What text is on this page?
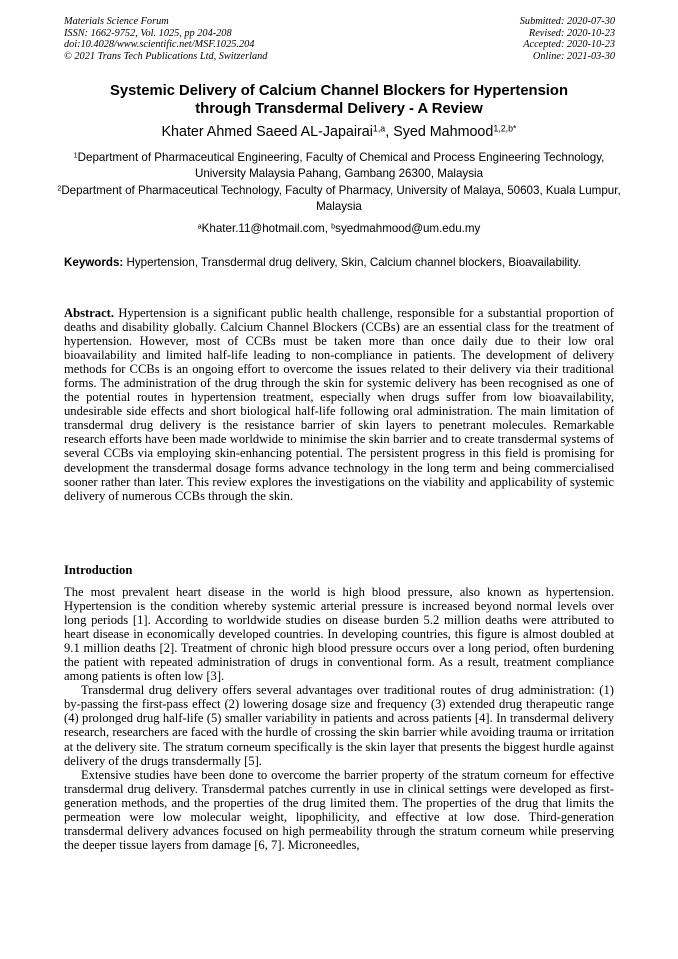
Materials Science Forum
ISSN: 1662-9752, Vol. 1025, pp 204-208
doi:10.4028/www.scientific.net/MSF.1025.204
© 2021 Trans Tech Publications Ltd, Switzerland
Submitted: 2020-07-30
Revised: 2020-10-23
Accepted: 2020-10-23
Online: 2021-03-30
Systemic Delivery of Calcium Channel Blockers for Hypertension
through Transdermal Delivery - A Review
Khater Ahmed Saeed AL-Japairai$^{1,a}$, Syed Mahmood$^{1,2,b*}$
$^1$Department of Pharmaceutical Engineering, Faculty of Chemical and Process Engineering Technology, University Malaysia Pahang, Gambang 26300, Malaysia
$^2$Department of Pharmaceutical Technology, Faculty of Pharmacy, University of Malaya, 50603, Kuala Lumpur, Malaysia
$^a$Khater.11@hotmail.com, $^b$syedmahmood@um.edu.my
Keywords: Hypertension, Transdermal drug delivery, Skin, Calcium channel blockers, Bioavailability.
Abstract. Hypertension is a significant public health challenge, responsible for a substantial proportion of deaths and disability globally. Calcium Channel Blockers (CCBs) are an essential class for the treatment of hypertension. However, most of CCBs must be taken more than once daily due to their low oral bioavailability and limited half-life leading to non-compliance in patients. The development of delivery methods for CCBs is an ongoing effort to overcome the issues related to their delivery via their traditional forms. The administration of the drug through the skin for systemic delivery has been recognised as one of the potential routes in hypertension treatment, especially when drugs suffer from low bioavailability, undesirable side effects and short biological half-life following oral administration. The main limitation of transdermal drug delivery is the resistance barrier of skin layers to penetrant molecules. Remarkable research efforts have been made worldwide to minimise the skin barrier and to create transdermal systems of several CCBs via employing skin-enhancing potential. The persistent progress in this field is promising for development the transdermal dosage forms advance technology in the long term and being commercialised sooner rather than later. This review explores the investigations on the viability and applicability of systemic delivery of numerous CCBs through the skin.
Introduction

The most prevalent heart disease in the world is high blood pressure, also known as hypertension. Hypertension is the condition whereby systemic arterial pressure is increased beyond normal levels over long periods [1]. According to worldwide studies on disease burden 5.2 million deaths were attributed to heart disease in economically developed countries. In developing countries, this figure is almost doubled at 9.1 million deaths [2]. Treatment of chronic high blood pressure occurs over a long period, often burdening the patient with repeated administration of drugs in conventional form. As a result, treatment compliance among patients is often low [3].

Transdermal drug delivery offers several advantages over traditional routes of drug administration: (1) by-passing the first-pass effect (2) lowering dosage size and frequency (3) extended drug therapeutic range (4) prolonged drug half-life (5) smaller variability in patients and across patients [4]. In transdermal delivery research, researchers are faced with the hurdle of crossing the skin barrier while avoiding trauma or irritation at the delivery site. The stratum corneum specifically is the skin layer that presents the biggest hurdle against delivery of the drugs transdermally [5].

Extensive studies have been done to overcome the barrier property of the stratum corneum for effective transdermal drug delivery. Transdermal patches currently in use in clinical settings were developed as first-generation methods, and the properties of the drug limited them. The properties of the drug that limits the permeation were low molecular weight, lipophilicity, and effective at low dose. Third-generation transdermal delivery advances focused on high permeability through the stratum corneum while preserving the deeper tissue layers from damage [6, 7]. Microneedles,
